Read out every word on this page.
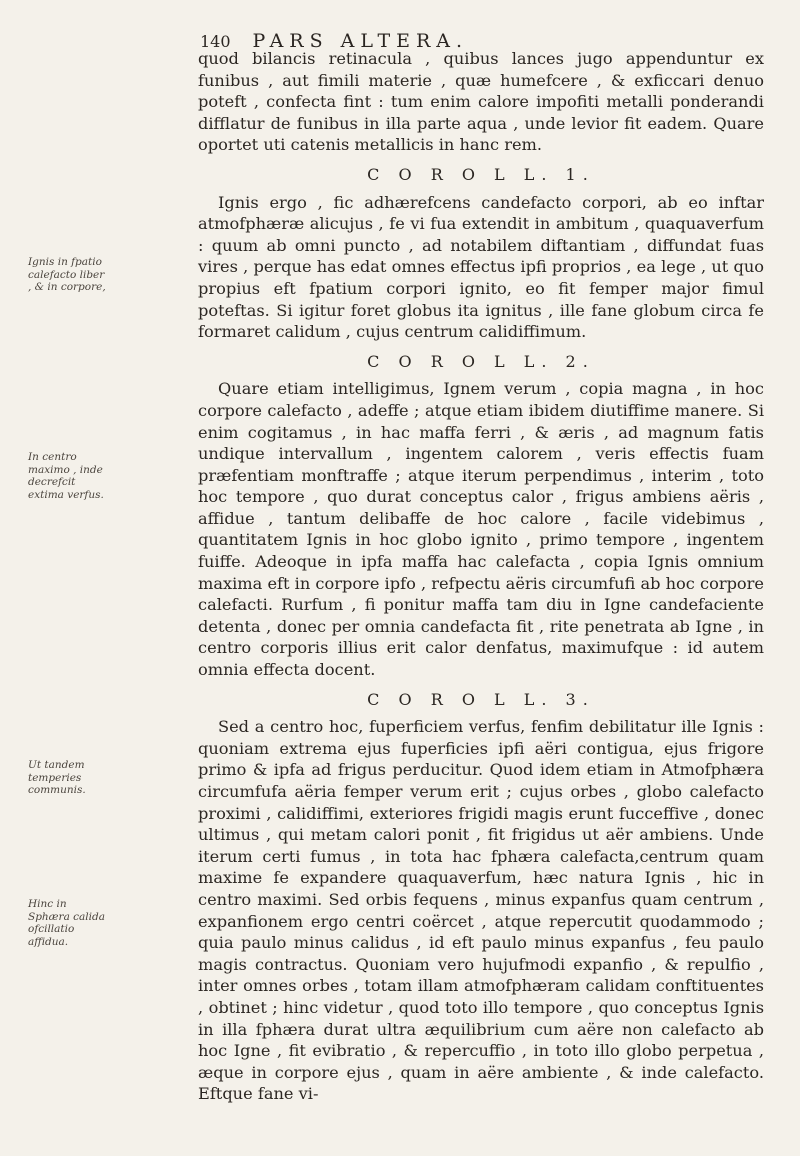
140 PARS ALTERA.
Ignis in fpatio calefacto liber , & in corpore,
In centro maximo , inde decrefcit extima verfus.
Ut tandem temperies communis.
Hinc in Sphæra calida ofcillatio affidua.

quod bilancis retinacula , quibus lances jugo appenduntur ex funibus , aut fimili materie , quæ humefcere , & exficcari denuo poteft , confecta fint : tum enim calore impofiti metalli ponderandi difflatur de funibus in illa parte aqua , unde levior fit eadem. Quare oportet uti catenis metallicis in hanc rem.

C O R O L L. 1.

Ignis ergo , fic adhærefcens candefacto corpori, ab eo inftar atmofphæræ alicujus , fe vi fua extendit in ambitum , quaquaverfum : quum ab omni puncto , ad notabilem diftantiam , diffundat fuas vires , perque has edat omnes effectus ipfi proprios , ea lege , ut quo propius eft fpatium corpori ignito, eo fit femper major fimul poteftas. Si igitur foret globus ita ignitus , ille fane globum circa fe formaret calidum , cujus centrum calidiffimum.

C O R O L L. 2.

Quare etiam intelligimus, Ignem verum , copia magna , in hoc corpore calefacto , adeffe ; atque etiam ibidem diutiffime manere. Si enim cogitamus , in hac maffa ferri , & æris , ad magnum fatis undique intervallum , ingentem calorem , veris effectis fuam præfentiam monftraffe ; atque iterum perpendimus , interim , toto hoc tempore , quo durat conceptus calor , frigus ambiens aëris , affidue , tantum delibaffe de hoc calore , facile videbimus , quantitatem Ignis in hoc globo ignito , primo tempore , ingentem fuiffe. Adeoque in ipfa maffa hac calefacta , copia Ignis omnium maxima eft in corpore ipfo , refpectu aëris circumfufi ab hoc corpore calefacti. Rurfum , fi ponitur maffa tam diu in Igne candefaciente detenta , donec per omnia candefacta fit , rite penetrata ab Igne , in centro corporis illius erit calor denfatus, maximufque : id autem omnia effecta docent.

C O R O L L. 3.

Sed a centro hoc, fuperficiem verfus, fenfim debilitatur ille Ignis : quoniam extrema ejus fuperficies ipfi aëri contigua, ejus frigore primo & ipfa ad frigus perducitur. Quod idem etiam in Atmofphæra circumfufa aëria femper verum erit ; cujus orbes , globo calefacto proximi , calidiffimi, exteriores frigidi magis erunt fucceffive , donec ultimus , qui metam calori ponit , fit frigidus ut aër ambiens. Unde iterum certi fumus , in tota hac fphæra calefacta,centrum quam maxime fe expandere quaquaverfum, hæc natura Ignis , hic in centro maximi. Sed orbis fequens , minus expanfus quam centrum , expanfionem ergo centri coërcet , atque repercutit quodammodo ; quia paulo minus calidus , id eft paulo minus expanfus , feu paulo magis contractus. Quoniam vero hujufmodi expanfio , & repulfio , inter omnes orbes , totam illam atmofphæram calidam conftituentes , obtinet ; hinc videtur , quod toto illo tempore , quo conceptus Ignis in illa fphæra durat ultra æquilibrium cum aëre non calefacto ab hoc Igne , fit evibratio , & repercuffio , in toto illo globo perpetua , æque in corpore ejus , quam in aëre ambiente , & inde calefacto. Eftque fane vi-
